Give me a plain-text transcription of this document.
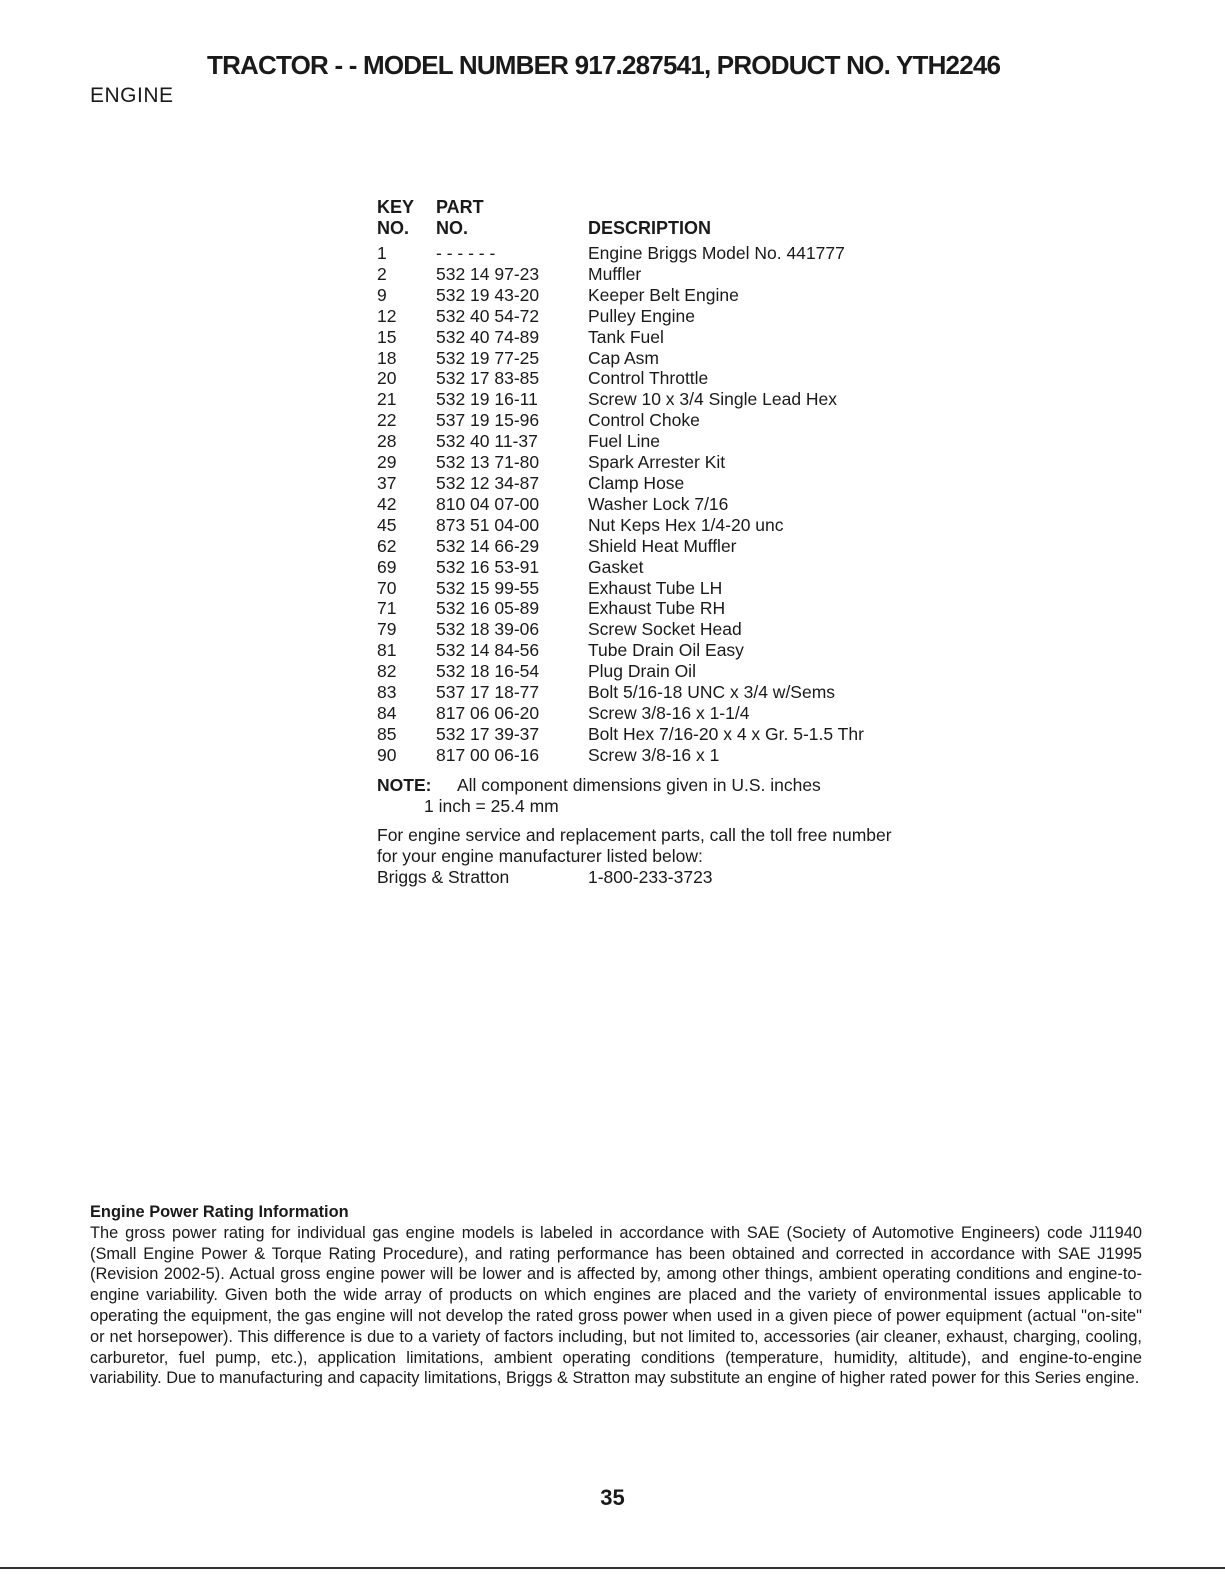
TRACTOR - - MODEL NUMBER 917.287541, PRODUCT NO. YTH2246
ENGINE
KEY	PART
NO.	NO.	DESCRIPTION
1	- - - - - -	Engine Briggs Model No. 441777
2	532 14 97-23	Muffler
9	532 19 43-20	Keeper Belt Engine
12	532 40 54-72	Pulley Engine
15	532 40 74-89	Tank Fuel
18	532 19 77-25	Cap Asm
20	532 17 83-85	Control Throttle
21	532 19 16-11	Screw 10 x 3/4 Single Lead Hex
22	537 19 15-96	Control Choke
28	532 40 11-37	Fuel Line
29	532 13 71-80	Spark Arrester Kit
37	532 12 34-87	Clamp Hose
42	810 04 07-00	Washer Lock 7/16
45	873 51 04-00	Nut Keps Hex 1/4-20 unc
62	532 14 66-29	Shield Heat Muffler
69	532 16 53-91	Gasket
70	532 15 99-55	Exhaust Tube LH
71	532 16 05-89	Exhaust Tube RH
79	532 18 39-06	Screw Socket Head
81	532 14 84-56	Tube Drain Oil Easy
82	532 18 16-54	Plug Drain Oil
83	537 17 18-77	Bolt 5/16-18 UNC x 3/4 w/Sems
84	817 06 06-20	Screw 3/8-16 x 1-1/4
85	532 17 39-37	Bolt Hex 7/16-20 x 4 x Gr. 5-1.5 Thr
90	817 00 06-16	Screw 3/8-16 x 1
NOTE:	All component dimensions given in U.S. inches
1 inch = 25.4 mm
For engine service and replacement parts, call the toll free number for your engine manufacturer listed below:
Briggs & Stratton	1-800-233-3723
Engine Power Rating Information

The gross power rating for individual gas engine models is labeled in accordance with SAE (Society of Automotive Engineers) code J11940 (Small Engine Power & Torque Rating Procedure), and rating performance has been obtained and corrected in accordance with SAE J1995 (Revision 2002-5). Actual gross engine power will be lower and is affected by, among other things, ambient operating conditions and engine-to-engine variability. Given both the wide array of products on which engines are placed and the variety of environmental issues applicable to operating the equipment, the gas engine will not develop the rated gross power when used in a given piece of power equipment (actual "on-site" or net horsepower). This difference is due to a variety of factors including, but not limited to, accessories (air cleaner, exhaust, charging, cooling, carburetor, fuel pump, etc.), application limitations, ambient operating conditions (temperature, humidity, altitude), and engine-to-engine variability. Due to manufacturing and capacity limitations, Briggs & Stratton may substitute an engine of higher rated power for this Series engine.

35
